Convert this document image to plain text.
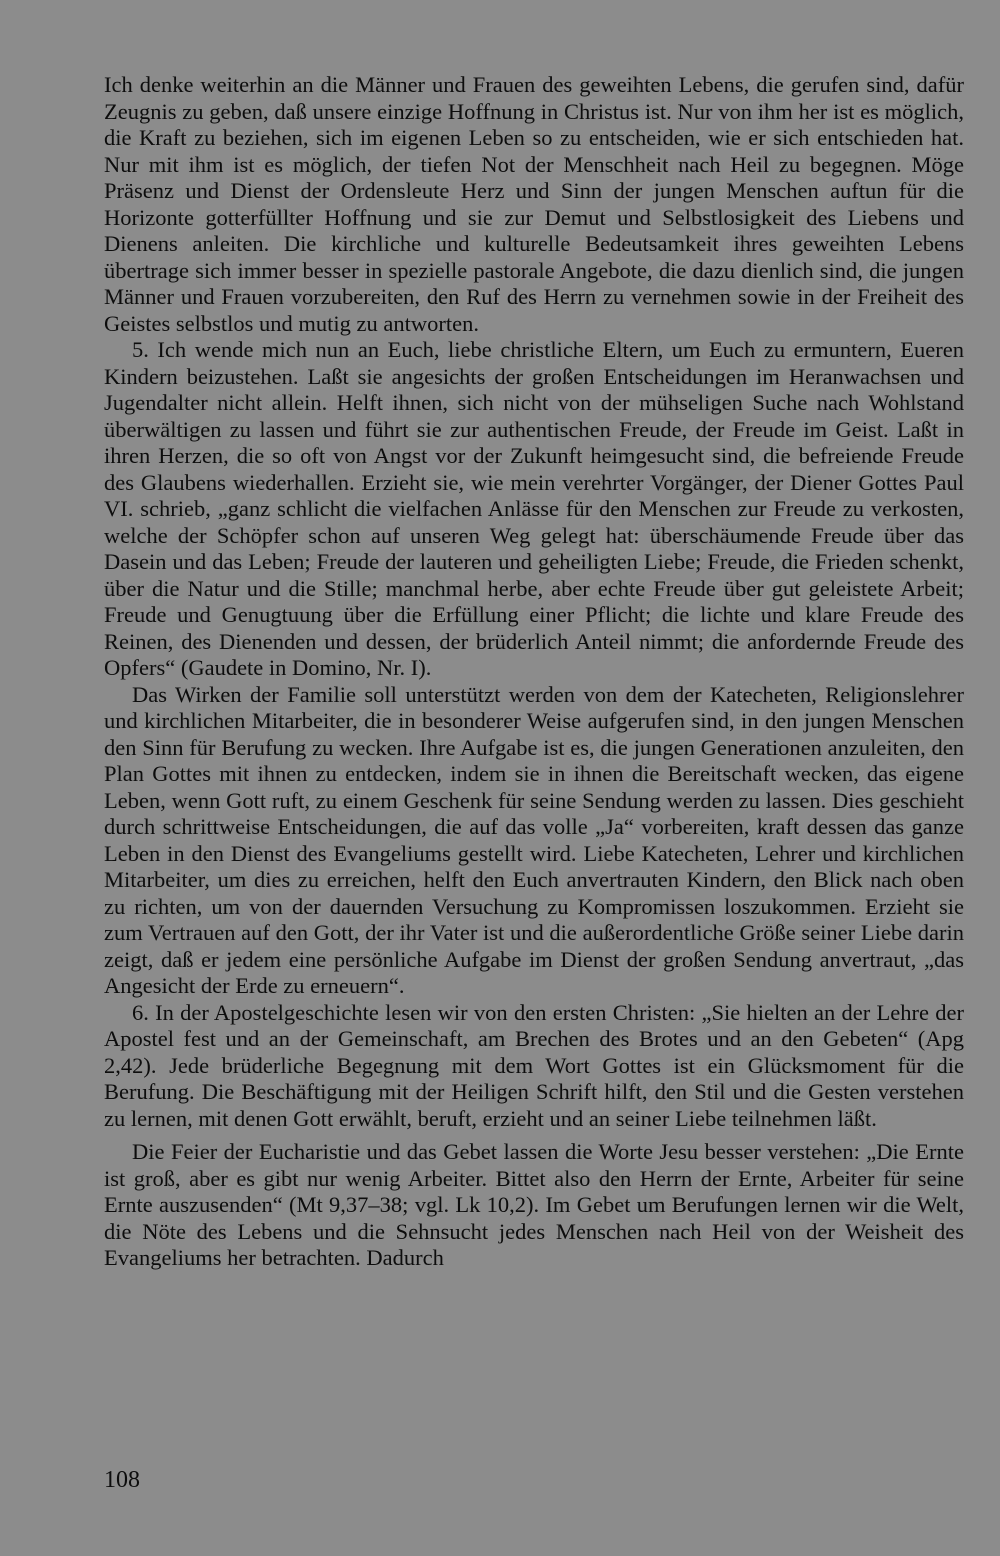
Ich denke weiterhin an die Männer und Frauen des geweihten Lebens, die gerufen sind, dafür Zeugnis zu geben, daß unsere einzige Hoffnung in Christus ist. Nur von ihm her ist es möglich, die Kraft zu beziehen, sich im eigenen Leben so zu entscheiden, wie er sich entschieden hat. Nur mit ihm ist es möglich, der tiefen Not der Menschheit nach Heil zu begegnen. Möge Präsenz und Dienst der Ordensleute Herz und Sinn der jungen Menschen auftun für die Horizonte gotterfüllter Hoffnung und sie zur Demut und Selbstlosigkeit des Liebens und Dienens anleiten. Die kirchliche und kulturelle Bedeutsamkeit ihres geweihten Lebens übertrage sich immer besser in spezielle pastorale Angebote, die dazu dienlich sind, die jungen Männer und Frauen vorzubereiten, den Ruf des Herrn zu vernehmen sowie in der Freiheit des Geistes selbstlos und mutig zu antworten.

5. Ich wende mich nun an Euch, liebe christliche Eltern, um Euch zu ermuntern, Eueren Kindern beizustehen. Laßt sie angesichts der großen Entscheidungen im Heranwachsen und Jugendalter nicht allein. Helft ihnen, sich nicht von der mühseligen Suche nach Wohlstand überwältigen zu lassen und führt sie zur authentischen Freude, der Freude im Geist. Laßt in ihren Herzen, die so oft von Angst vor der Zukunft heimgesucht sind, die befreiende Freude des Glaubens wiederhallen. Erzieht sie, wie mein verehrter Vorgänger, der Diener Gottes Paul VI. schrieb, „ganz schlicht die vielfachen Anlässe für den Menschen zur Freude zu verkosten, welche der Schöpfer schon auf unseren Weg gelegt hat: überschäumende Freude über das Dasein und das Leben; Freude der lauteren und geheiligten Liebe; Freude, die Frieden schenkt, über die Natur und die Stille; manchmal herbe, aber echte Freude über gut geleistete Arbeit; Freude und Genugtuung über die Erfüllung einer Pflicht; die lichte und klare Freude des Reinen, des Dienenden und dessen, der brüderlich Anteil nimmt; die anfordernde Freude des Opfers“ (Gaudete in Domino, Nr. I).

Das Wirken der Familie soll unterstützt werden von dem der Katecheten, Religionslehrer und kirchlichen Mitarbeiter, die in besonderer Weise aufgerufen sind, in den jungen Menschen den Sinn für Berufung zu wecken. Ihre Aufgabe ist es, die jungen Generationen anzuleiten, den Plan Gottes mit ihnen zu entdecken, indem sie in ihnen die Bereitschaft wecken, das eigene Leben, wenn Gott ruft, zu einem Geschenk für seine Sendung werden zu lassen. Dies geschieht durch schrittweise Entscheidungen, die auf das volle „Ja“ vorbereiten, kraft dessen das ganze Leben in den Dienst des Evangeliums gestellt wird. Liebe Katecheten, Lehrer und kirchlichen Mitarbeiter, um dies zu erreichen, helft den Euch anvertrauten Kindern, den Blick nach oben zu richten, um von der dauernden Versuchung zu Kompromissen loszukommen. Erzieht sie zum Vertrauen auf den Gott, der ihr Vater ist und die außerordentliche Größe seiner Liebe darin zeigt, daß er jedem eine persönliche Aufgabe im Dienst der großen Sendung anvertraut, „das Angesicht der Erde zu erneuern“.

6. In der Apostelgeschichte lesen wir von den ersten Christen: „Sie hielten an der Lehre der Apostel fest und an der Gemeinschaft, am Brechen des Brotes und an den Gebeten“ (Apg 2,42). Jede brüderliche Begegnung mit dem Wort Gottes ist ein Glücksmoment für die Berufung. Die Beschäftigung mit der Heiligen Schrift hilft, den Stil und die Gesten verstehen zu lernen, mit denen Gott erwählt, beruft, erzieht und an seiner Liebe teilnehmen läßt.

Die Feier der Eucharistie und das Gebet lassen die Worte Jesu besser verstehen: „Die Ernte ist groß, aber es gibt nur wenig Arbeiter. Bittet also den Herrn der Ernte, Arbeiter für seine Ernte auszusenden“ (Mt 9,37–38; vgl. Lk 10,2). Im Gebet um Berufungen lernen wir die Welt, die Nöte des Lebens und die Sehnsucht jedes Menschen nach Heil von der Weisheit des Evangeliums her betrachten. Dadurch

108
